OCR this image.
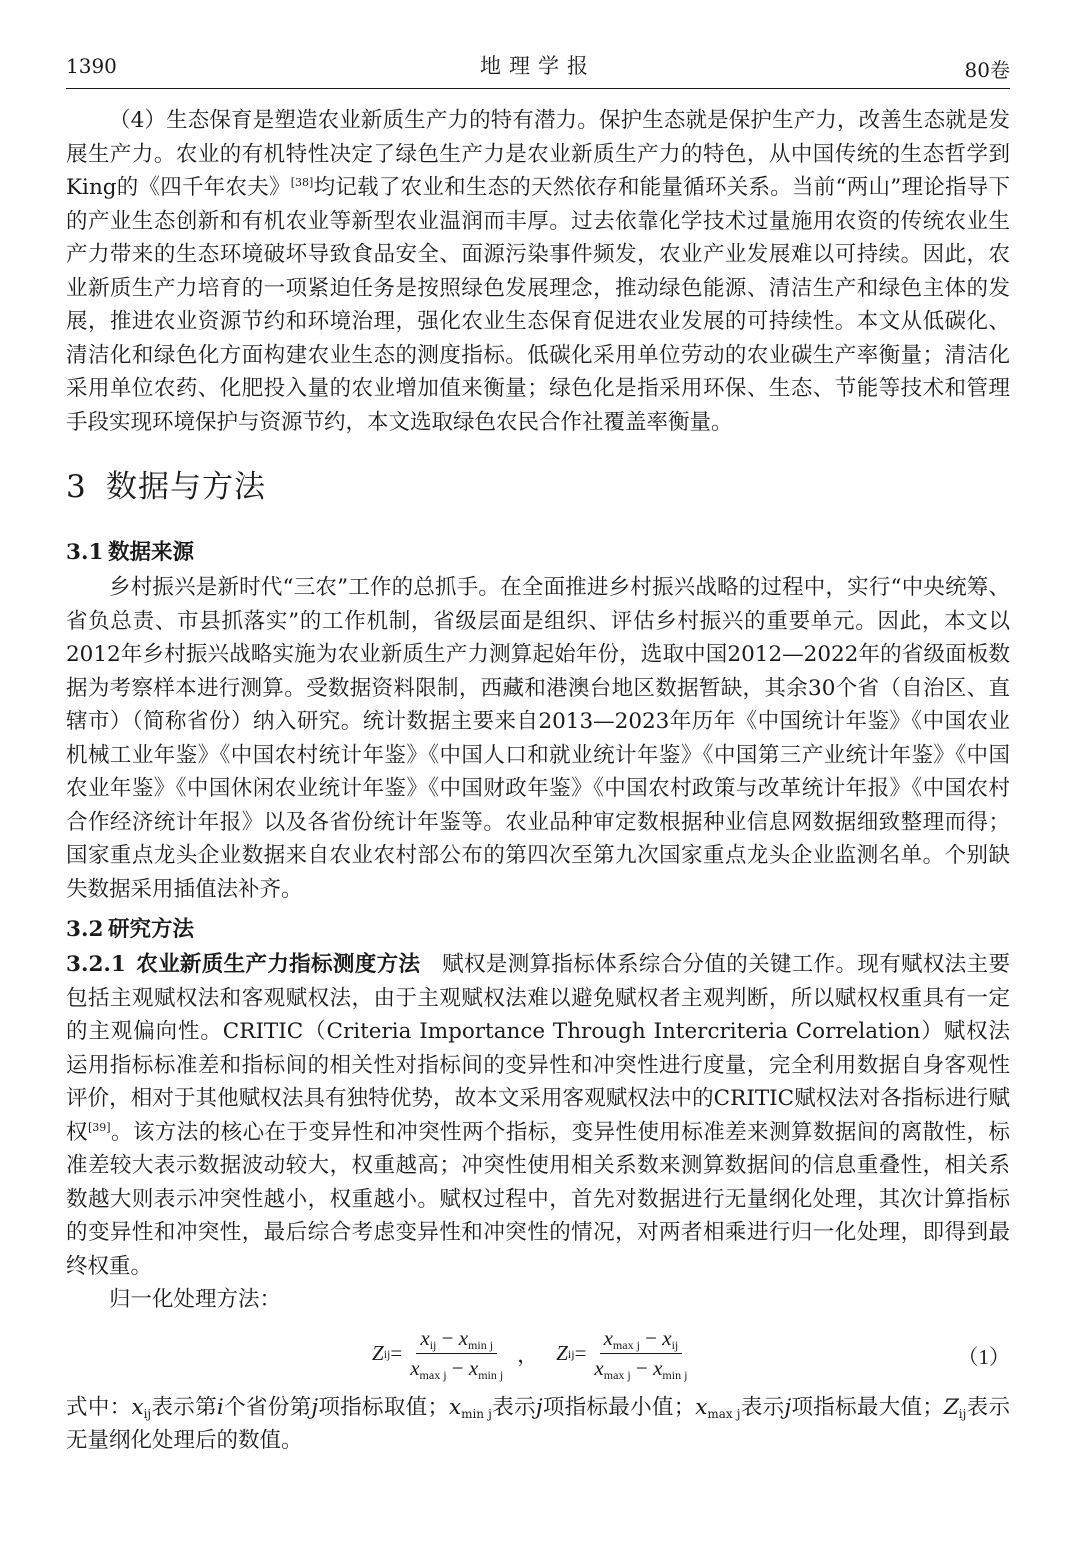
1390	地理学报	80卷

（4）生态保育是塑造农业新质生产力的特有潜力。保护生态就是保护生产力，改善生态就是发展生产力。农业的有机特性决定了绿色生产力是农业新质生产力的特色，从中国传统的生态哲学到King的《四千年农夫》[38]均记载了农业和生态的天然依存和能量循环关系。当前“两山”理论指导下的产业生态创新和有机农业等新型农业温润而丰厚。过去依靠化学技术过量施用农资的传统农业生产力带来的生态环境破坏导致食品安全、面源污染事件频发，农业产业发展难以可持续。因此，农业新质生产力培育的一项紧迫任务是按照绿色发展理念，推动绿色能源、清洁生产和绿色主体的发展，推进农业资源节约和环境治理，强化农业生态保育促进农业发展的可持续性。本文从低碳化、清洁化和绿色化方面构建农业生态的测度指标。低碳化采用单位劳动的农业碳生产率衡量；清洁化采用单位农药、化肥投入量的农业增加值来衡量；绿色化是指采用环保、生态、节能等技术和管理手段实现环境保护与资源节约，本文选取绿色农民合作社覆盖率衡量。

3 数据与方法
3.1 数据来源

乡村振兴是新时代“三农”工作的总抓手。在全面推进乡村振兴战略的过程中，实行“中央统筹、省负总责、市县抓落实”的工作机制，省级层面是组织、评估乡村振兴的重要单元。因此，本文以2012年乡村振兴战略实施为农业新质生产力测算起始年份，选取中国2012—2022年的省级面板数据为考察样本进行测算。受数据资料限制，西藏和港澳台地区数据暂缺，其余30个省（自治区、直辖市）（简称省份）纳入研究。统计数据主要来自2013—2023年历年《中国统计年鉴》《中国农业机械工业年鉴》《中国农村统计年鉴》《中国人口和就业统计年鉴》《中国第三产业统计年鉴》《中国农业年鉴》《中国休闲农业统计年鉴》《中国财政年鉴》《中国农村政策与改革统计年报》《中国农村合作经济统计年报》以及各省份统计年鉴等。农业品种审定数根据种业信息网数据细致整理而得；国家重点龙头企业数据来自农业农村部公布的第四次至第九次国家重点龙头企业监测名单。个别缺失数据采用插值法补齐。

3.2 研究方法

3.2.1 农业新质生产力指标测度方法　 赋权是测算指标体系综合分值的关键工作。现有赋权法主要包括主观赋权法和客观赋权法，由于主观赋权法难以避免赋权者主观判断，所以赋权权重具有一定的主观偏向性。CRITIC（Criteria Importance Through Intercriteria Correlation）赋权法运用指标标准差和指标间的相关性对指标间的变异性和冲突性进行度量，完全利用数据自身客观性评价，相对于其他赋权法具有独特优势，故本文采用客观赋权法中的CRITIC赋权法对各指标进行赋权[39]。该方法的核心在于变异性和冲突性两个指标，变异性使用标准差来测算数据间的离散性，标准差较大表示数据波动较大，权重越高；冲突性使用相关系数来测算数据间的信息重叠性，相关系数越大则表示冲突性越小，权重越小。赋权过程中，首先对数据进行无量纲化处理，其次计算指标的变异性和冲突性，最后综合考虑变异性和冲突性的情况，对两者相乘进行归一化处理，即得到最终权重。

归一化处理方法：

Z ij = $\frac{x_{ij} - x_{min j}}{x_{max j} - x_{min j}}$ ， Z ij = $\frac{x_{max j} - x_{ij}}{x_{max j} - x_{min j}}$	（1）

式中：$x_{ij}$表示第i个省份第j项指标取值；$x_{min j}$表示j项指标最小值；$x_{max j}$表示j项指标最大值；$Z_{ij}$表示无量纲化处理后的数值。
